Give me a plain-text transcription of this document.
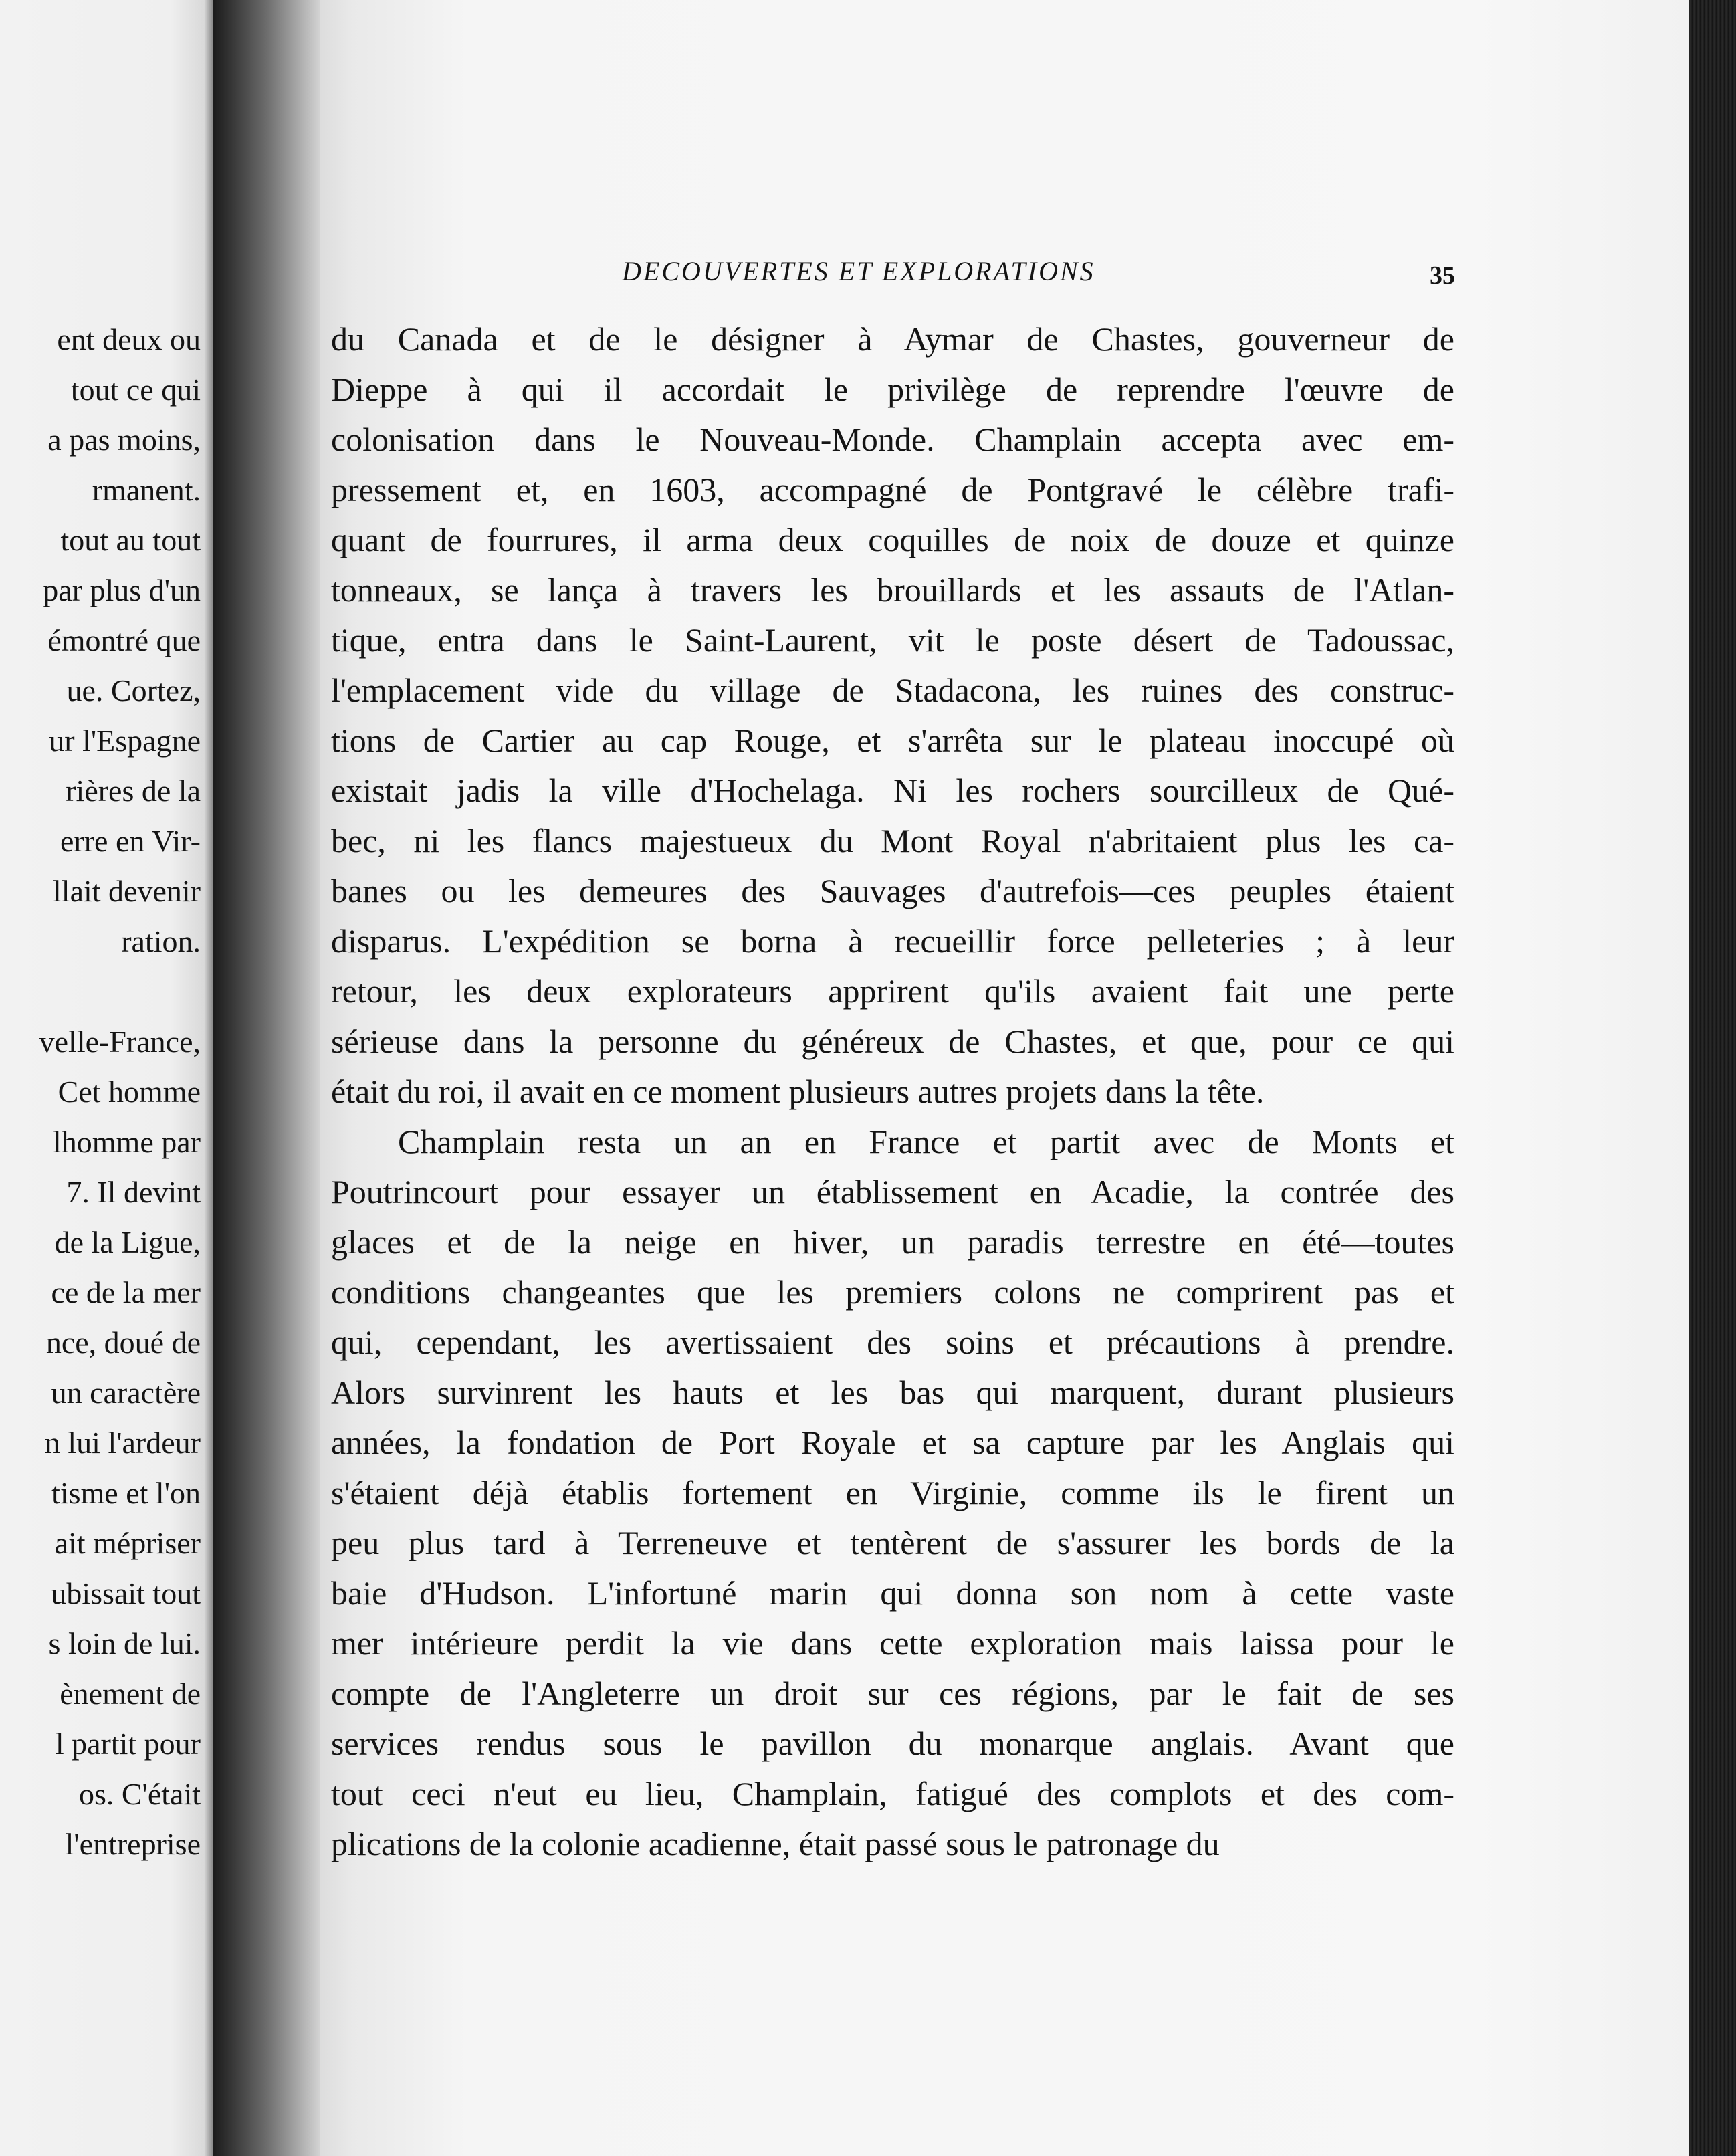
ent deux ou
tout ce qui
a pas moins,
rmanent.
tout au tout
par plus d'un
émontré que
ue. Cortez,
ur l'Espagne
rières de la
erre en Vir-
llait devenir
ration.
velle-France,
Cet homme
lhomme par
7. Il devint
de la Ligue,
ce de la mer
nce, doué de
un caractère
n lui l'ardeur
tisme et l'on
ait mépriser
ubissait tout
s loin de lui.
ènement de
l partit pour
os. C'était
l'entreprise
DECOUVERTES ET EXPLORATIONS	35
du Canada et de le désigner à Aymar de Chastes, gouverneur de
Dieppe à qui il accordait le privilège de reprendre l'œuvre de
colonisation dans le Nouveau-Monde. Champlain accepta avec em-
pressement et, en 1603, accompagné de Pontgravé le célèbre trafi-
quant de fourrures, il arma deux coquilles de noix de douze et quinze
tonneaux, se lança à travers les brouillards et les assauts de l'Atlan-
tique, entra dans le Saint-Laurent, vit le poste désert de Tadoussac,
l'emplacement vide du village de Stadacona, les ruines des construc-
tions de Cartier au cap Rouge, et s'arrêta sur le plateau inoccupé où
existait jadis la ville d'Hochelaga. Ni les rochers sourcilleux de Qué-
bec, ni les flancs majestueux du Mont Royal n'abritaient plus les ca-
banes ou les demeures des Sauvages d'autrefois—ces peuples étaient
disparus. L'expédition se borna à recueillir force pelleteries ; à leur
retour, les deux explorateurs apprirent qu'ils avaient fait une perte
sérieuse dans la personne du généreux de Chastes, et que, pour ce qui
était du roi, il avait en ce moment plusieurs autres projets dans la tête.
Champlain resta un an en France et partit avec de Monts et
Poutrincourt pour essayer un établissement en Acadie, la contrée des
glaces et de la neige en hiver, un paradis terrestre en été—toutes
conditions changeantes que les premiers colons ne comprirent pas et
qui, cependant, les avertissaient des soins et précautions à prendre.
Alors survinrent les hauts et les bas qui marquent, durant plusieurs
années, la fondation de Port Royale et sa capture par les Anglais qui
s'étaient déjà établis fortement en Virginie, comme ils le firent un
peu plus tard à Terreneuve et tentèrent de s'assurer les bords de la
baie d'Hudson. L'infortuné marin qui donna son nom à cette vaste
mer intérieure perdit la vie dans cette exploration mais laissa pour le
compte de l'Angleterre un droit sur ces régions, par le fait de ses
services rendus sous le pavillon du monarque anglais. Avant que
tout ceci n'eut eu lieu, Champlain, fatigué des complots et des com-
plications de la colonie acadienne, était passé sous le patronage du
